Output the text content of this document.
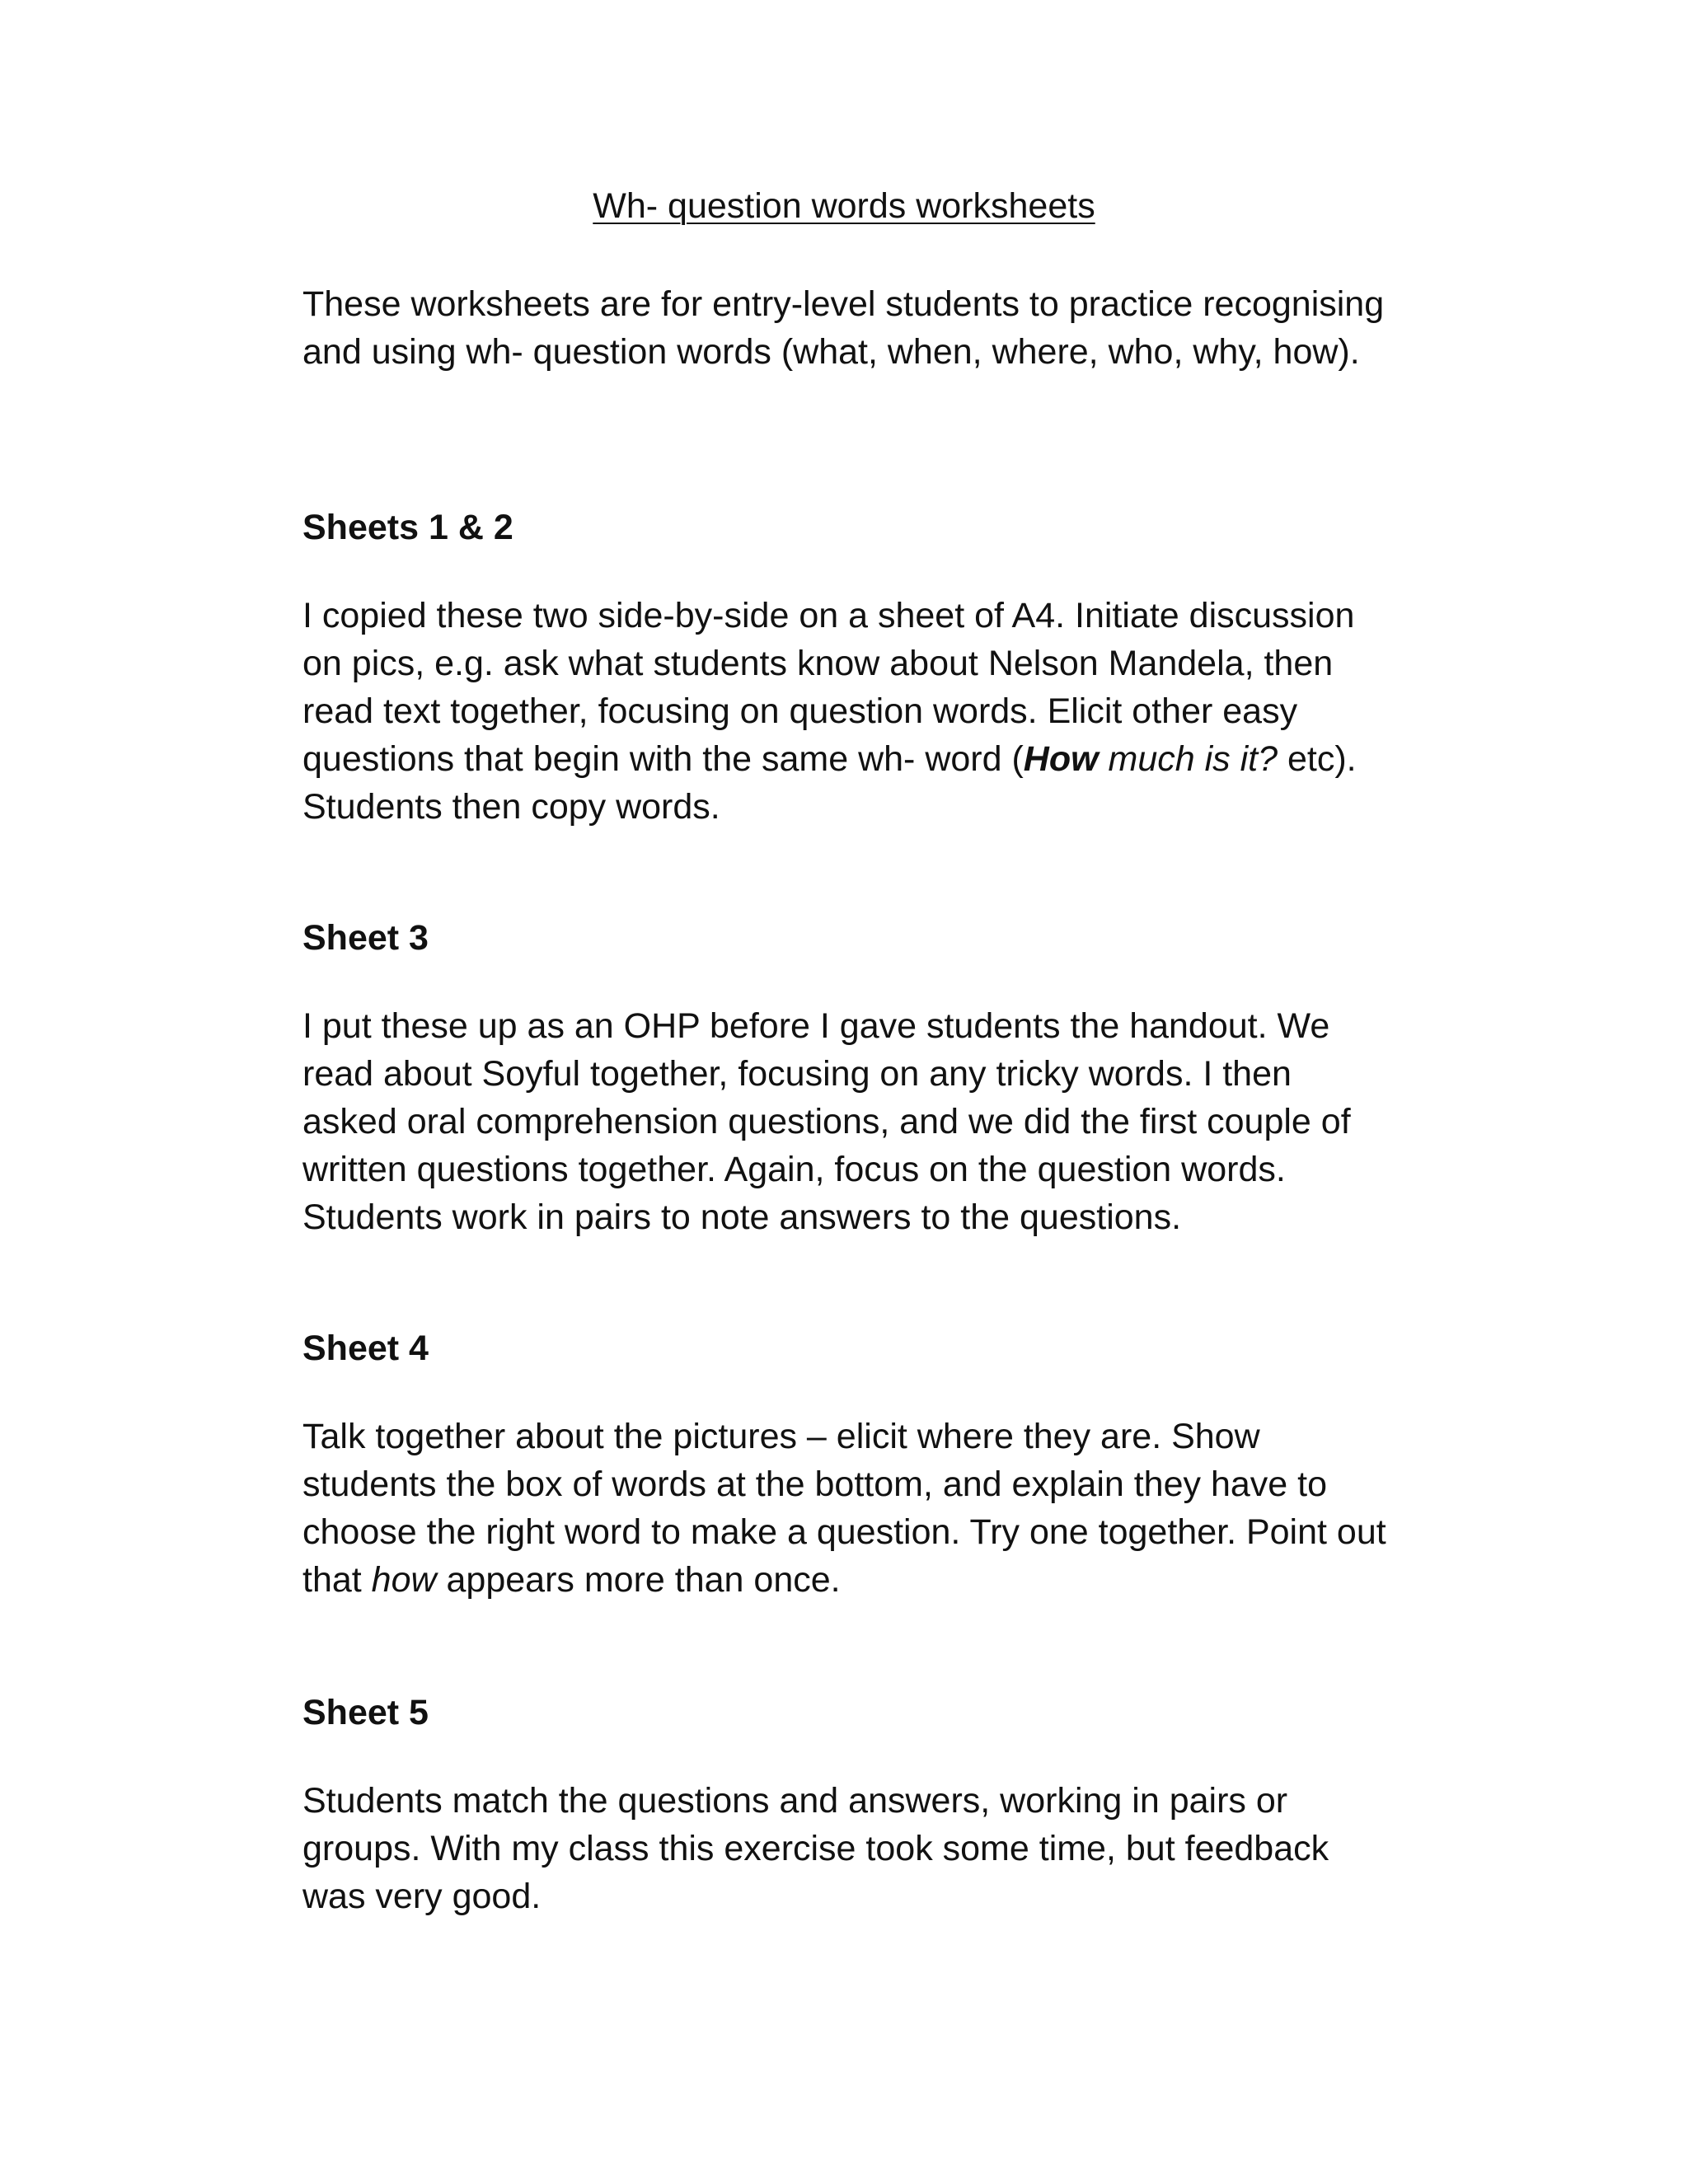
Wh- question words worksheets

These worksheets are for entry-level students to practice recognising and using wh- question words (what, when, where, who, why, how).

Sheets 1 & 2

I copied these two side-by-side on a sheet of A4. Initiate discussion on pics, e.g. ask what students know about Nelson Mandela, then read text together, focusing on question words. Elicit other easy questions that begin with the same wh- word (How much is it? etc). Students then copy words.

Sheet 3

I put these up as an OHP before I gave students the handout. We read about Soyful together, focusing on any tricky words. I then asked oral comprehension questions, and we did the first couple of written questions together. Again, focus on the question words. Students work in pairs to note answers to the questions.

Sheet 4

Talk together about the pictures – elicit where they are. Show students the box of words at the bottom, and explain they have to choose the right word to make a question. Try one together. Point out that how appears more than once.

Sheet 5

Students match the questions and answers, working in pairs or groups. With my class this exercise took some time, but feedback was very good.
